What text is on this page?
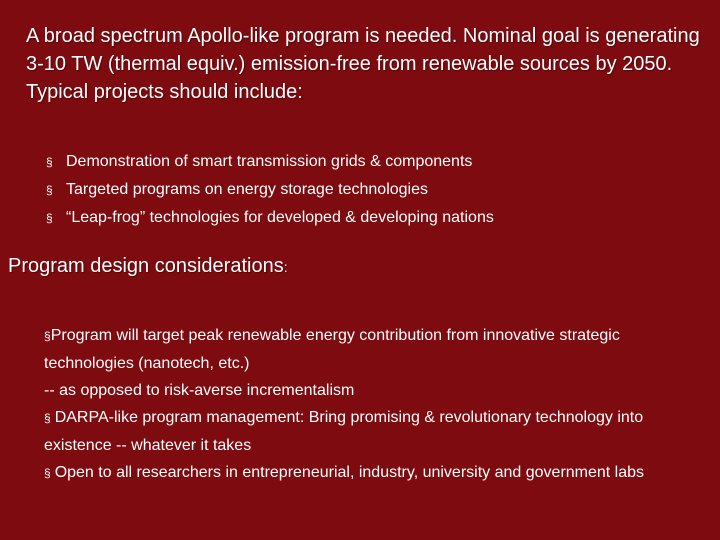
A broad spectrum Apollo-like program is needed. Nominal goal is generating 3-10 TW (thermal equiv.) emission-free from renewable sources by 2050. Typical projects should include:
§ Demonstration of smart transmission grids & components
§ Targeted programs on energy storage technologies
§ “Leap-frog” technologies for developed & developing nations
Program design considerations:

§Program will target peak renewable energy contribution from innovative strategic technologies (nanotech, etc.)

-- as opposed to risk-averse incrementalism

§ DARPA-like program management: Bring promising & revolutionary technology into existence -- whatever it takes

§ Open to all researchers in entrepreneurial, industry, university and government labs
